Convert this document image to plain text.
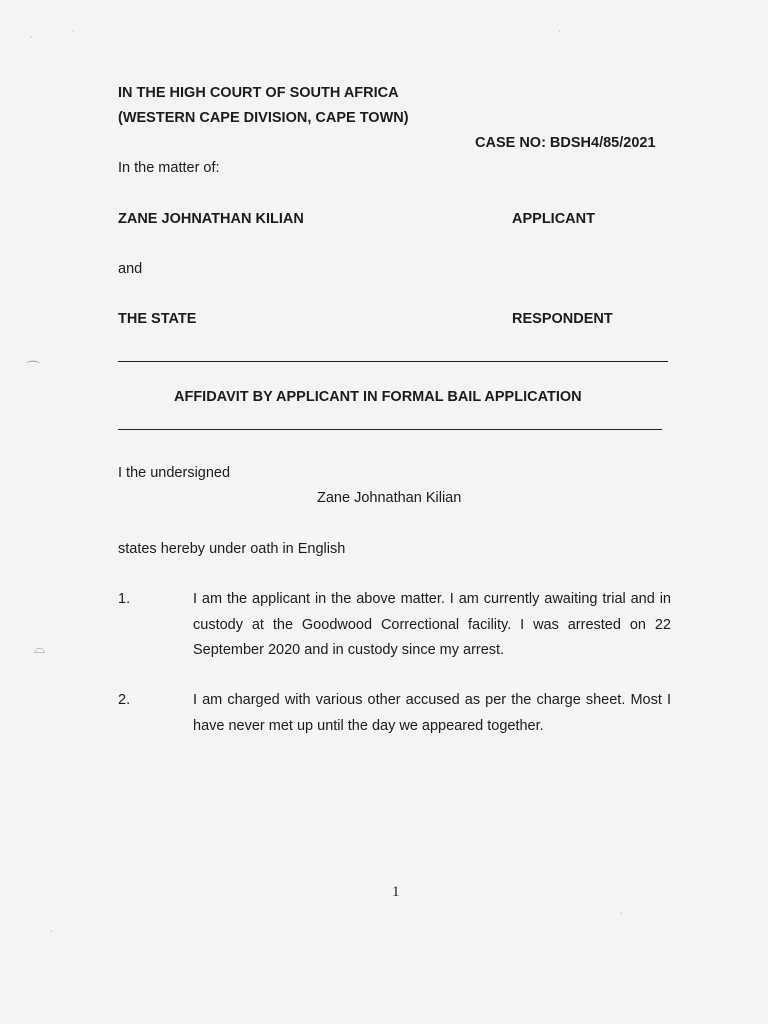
IN THE HIGH COURT OF SOUTH AFRICA
(WESTERN CAPE DIVISION, CAPE TOWN)
CASE NO: BDSH4/85/2021
In the matter of:
ZANE JOHNATHAN KILIAN	APPLICANT
and
THE STATE	RESPONDENT
AFFIDAVIT BY APPLICANT IN FORMAL BAIL APPLICATION
I the undersigned
Zane Johnathan Kilian
states hereby under oath in English
1.	I am the applicant in the above matter. I am currently awaiting trial and in custody at the Goodwood Correctional facility. I was arrested on 22 September 2020 and in custody since my arrest.
2.	I am charged with various other accused as per the charge sheet. Most I have never met up until the day we appeared together.
1
˙
˙	˙
⌒
⌓
˙
˙
